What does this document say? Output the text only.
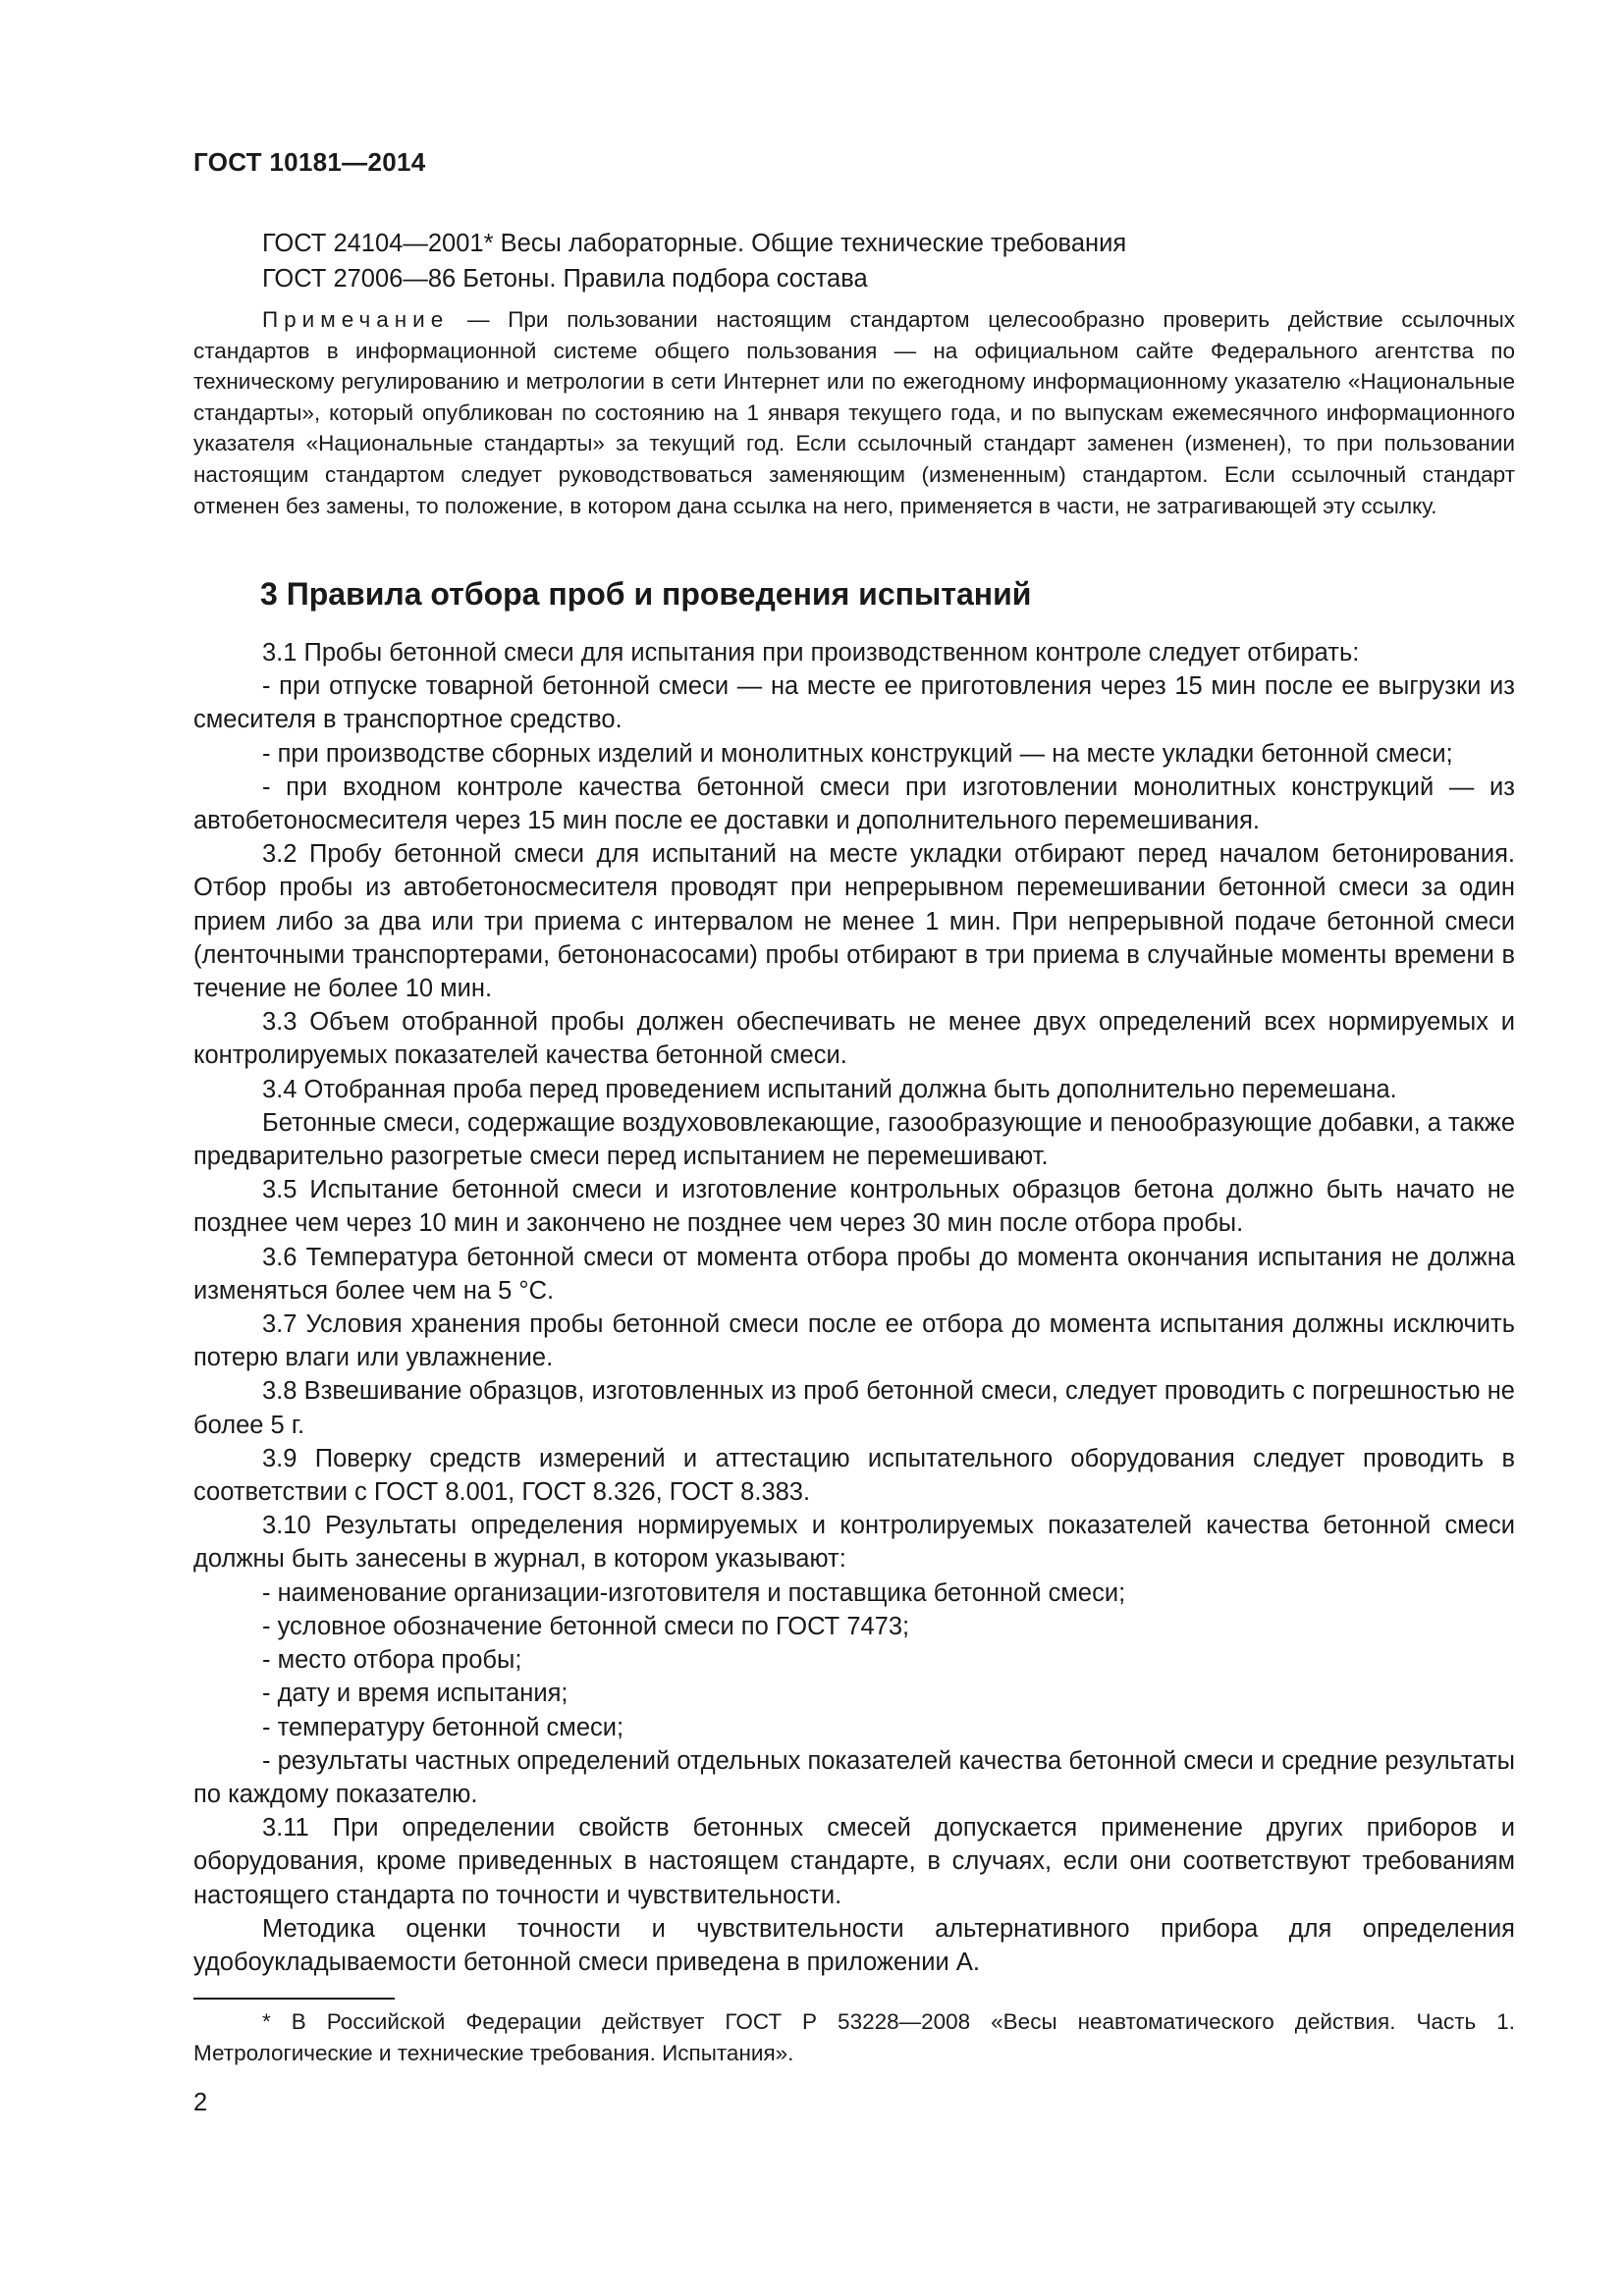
ГОСТ 10181—2014

ГОСТ 24104—2001* Весы лабораторные. Общие технические требования

ГОСТ 27006—86 Бетоны. Правила подбора состава

Примечание — При пользовании настоящим стандартом целесообразно проверить действие ссылочных стандартов в информационной системе общего пользования — на официальном сайте Федерального агентства по техническому регулированию и метрологии в сети Интернет или по ежегодному информационному указателю «Национальные стандарты», который опубликован по состоянию на 1 января текущего года, и по выпускам ежемесячного информационного указателя «Национальные стандарты» за текущий год. Если ссылочный стандарт заменен (изменен), то при пользовании настоящим стандартом следует руководствоваться заменяющим (измененным) стандартом. Если ссылочный стандарт отменен без замены, то положение, в котором дана ссылка на него, применяется в части, не затрагивающей эту ссылку.

3 Правила отбора проб и проведения испытаний

3.1 Пробы бетонной смеси для испытания при производственном контроле следует отбирать:

- при отпуске товарной бетонной смеси — на месте ее приготовления через 15 мин после ее выгрузки из смесителя в транспортное средство.

- при производстве сборных изделий и монолитных конструкций — на месте укладки бетонной смеси;

- при входном контроле качества бетонной смеси при изготовлении монолитных конструкций — из автобетоносмесителя через 15 мин после ее доставки и дополнительного перемешивания.

3.2 Пробу бетонной смеси для испытаний на месте укладки отбирают перед началом бетонирования. Отбор пробы из автобетоносмесителя проводят при непрерывном перемешивании бетонной смеси за один прием либо за два или три приема с интервалом не менее 1 мин. При непрерывной подаче бетонной смеси (ленточными транспортерами, бетононасосами) пробы отбирают в три приема в случайные моменты времени в течение не более 10 мин.

3.3 Объем отобранной пробы должен обеспечивать не менее двух определений всех нормируемых и контролируемых показателей качества бетонной смеси.

3.4 Отобранная проба перед проведением испытаний должна быть дополнительно перемешана.

Бетонные смеси, содержащие воздухововлекающие, газообразующие и пенообразующие добавки, а также предварительно разогретые смеси перед испытанием не перемешивают.

3.5 Испытание бетонной смеси и изготовление контрольных образцов бетона должно быть начато не позднее чем через 10 мин и закончено не позднее чем через 30 мин после отбора пробы.

3.6 Температура бетонной смеси от момента отбора пробы до момента окончания испытания не должна изменяться более чем на 5 °С.

3.7 Условия хранения пробы бетонной смеси после ее отбора до момента испытания должны исключить потерю влаги или увлажнение.

3.8 Взвешивание образцов, изготовленных из проб бетонной смеси, следует проводить с погрешностью не более 5 г.

3.9 Поверку средств измерений и аттестацию испытательного оборудования следует проводить в соответствии с ГОСТ 8.001, ГОСТ 8.326, ГОСТ 8.383.

3.10 Результаты определения нормируемых и контролируемых показателей качества бетонной смеси должны быть занесены в журнал, в котором указывают:

- наименование организации-изготовителя и поставщика бетонной смеси;

- условное обозначение бетонной смеси по ГОСТ 7473;

- место отбора пробы;

- дату и время испытания;

- температуру бетонной смеси;

- результаты частных определений отдельных показателей качества бетонной смеси и средние результаты по каждому показателю.

3.11 При определении свойств бетонных смесей допускается применение других приборов и оборудования, кроме приведенных в настоящем стандарте, в случаях, если они соответствуют требованиям настоящего стандарта по точности и чувствительности.

Методика оценки точности и чувствительности альтернативного прибора для определения удобоукладываемости бетонной смеси приведена в приложении А.

* В Российской Федерации действует ГОСТ Р 53228—2008 «Весы неавтоматического действия. Часть 1. Метрологические и технические требования. Испытания».

2
